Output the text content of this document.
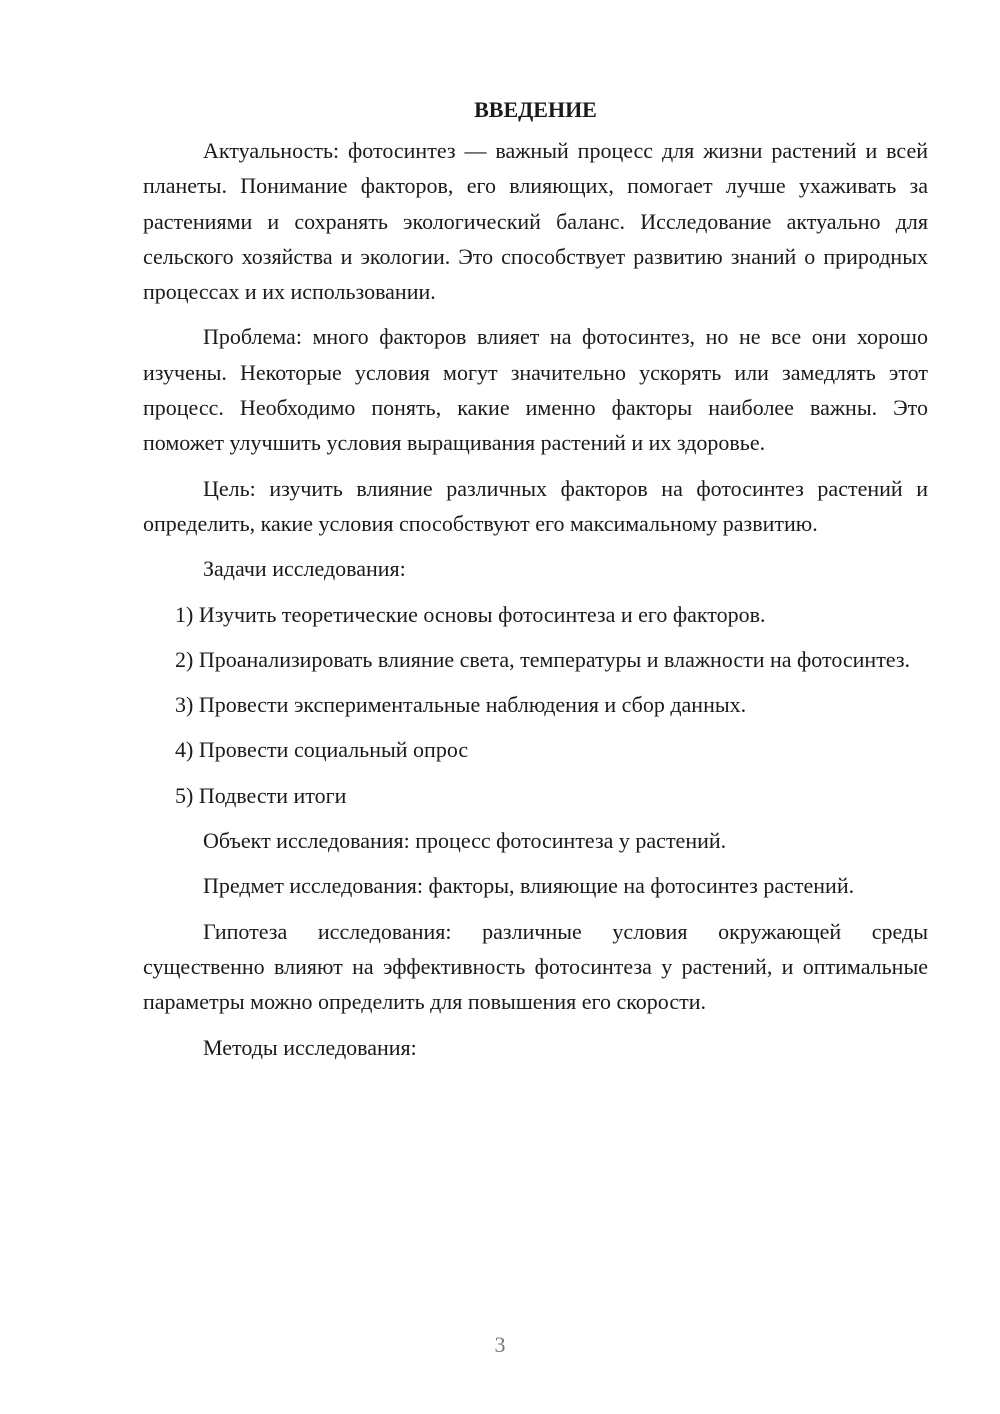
ВВЕДЕНИЕ

Актуальность: фотосинтез — важный процесс для жизни растений и всей планеты. Понимание факторов, его влияющих, помогает лучше ухаживать за растениями и сохранять экологический баланс. Исследование актуально для сельского хозяйства и экологии. Это способствует развитию знаний о природных процессах и их использовании.

Проблема: много факторов влияет на фотосинтез, но не все они хорошо изучены. Некоторые условия могут значительно ускорять или замедлять этот процесс. Необходимо понять, какие именно факторы наиболее важны. Это поможет улучшить условия выращивания растений и их здоровье.

Цель: изучить влияние различных факторов на фотосинтез растений и определить, какие условия способствуют его максимальному развитию.

Задачи исследования:

1) Изучить теоретические основы фотосинтеза и его факторов.

2) Проанализировать влияние света, температуры и влажности на фотосинтез.

3) Провести экспериментальные наблюдения и сбор данных.

4) Провести социальный опрос

5) Подвести итоги

Объект исследования: процесс фотосинтеза у растений.

Предмет исследования: факторы, влияющие на фотосинтез растений.

Гипотеза исследования: различные условия окружающей среды существенно влияют на эффективность фотосинтеза у растений, и оптимальные параметры можно определить для повышения его скорости.

Методы исследования:

3
